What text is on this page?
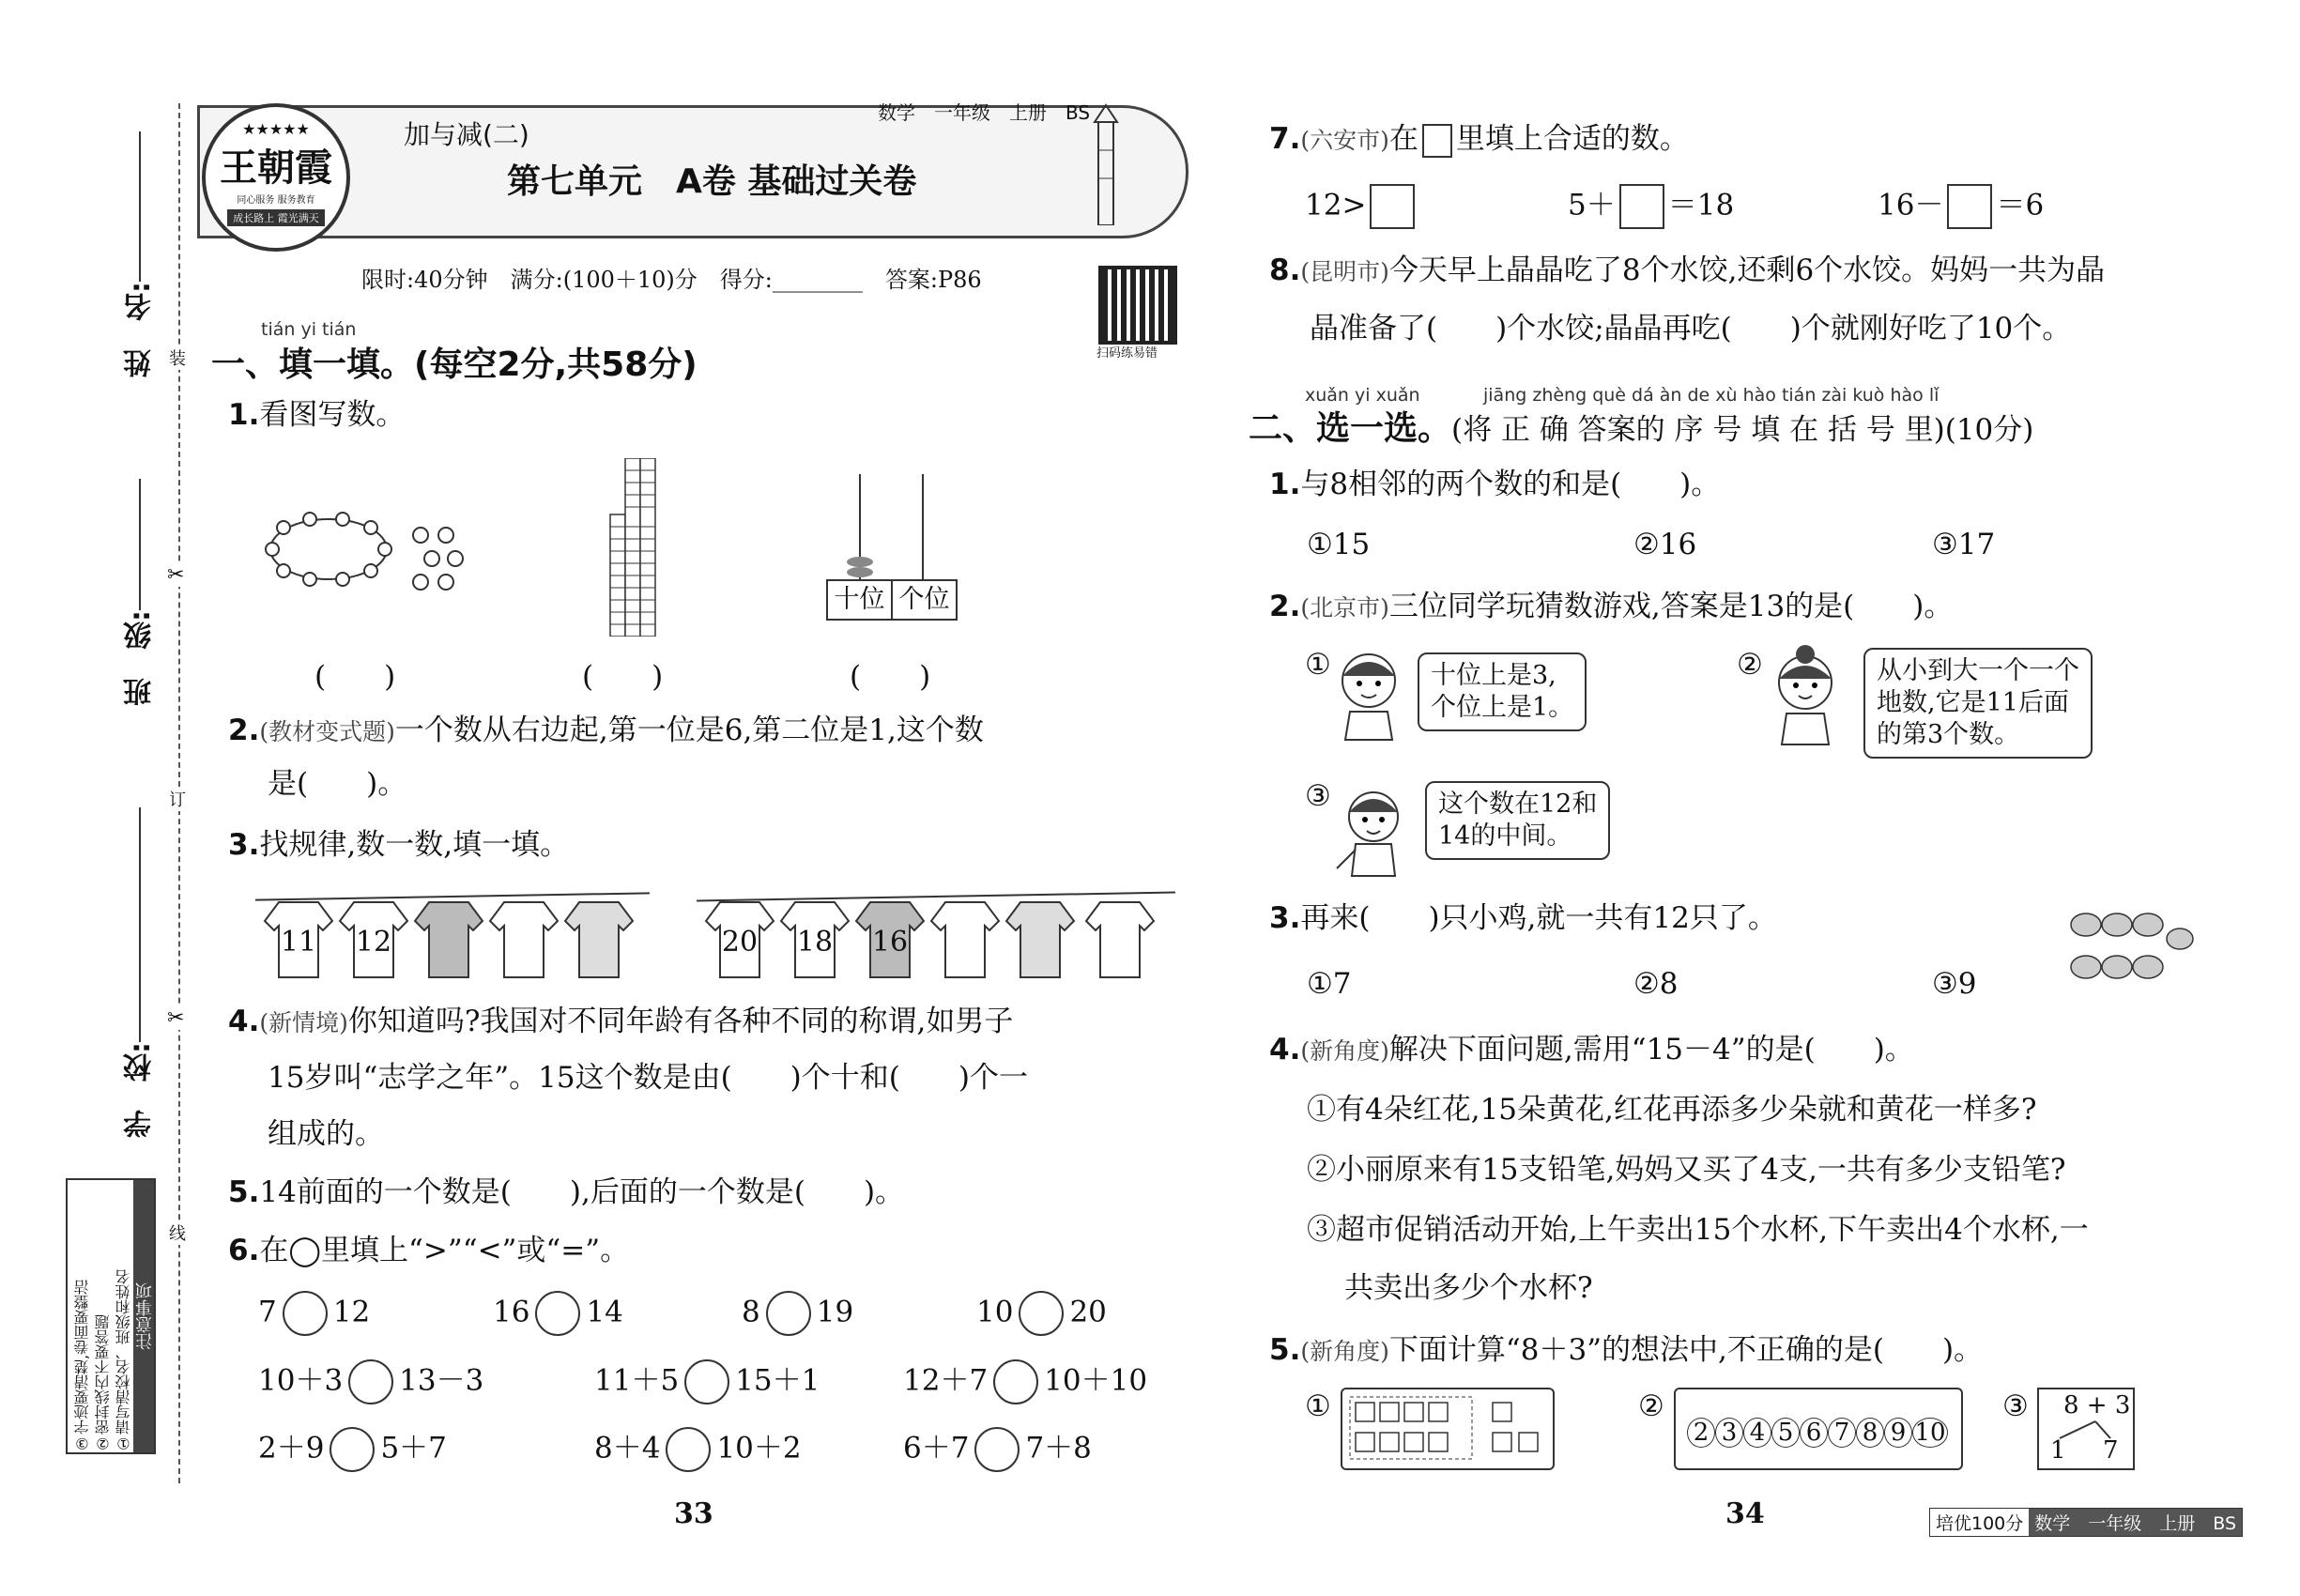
姓　名:
班　级:
学　校:
装
订
线
✂
✂
注意事项
①请写清校名、班级和姓名
②密封线内不要答题
③字迹要清楚,卷面要整洁
★★★★★
王朝霞
同心服务 服务教育
成长路上 霞光满天
加与减(二)
数学　一年级　上册　BS
第七单元　A卷 基础过关卷
限时:40分钟　满分:(100＋10)分　得分:________　答案:P86
扫码练易错
tián yi tián
一、填一填。(每空2分,共58分)
1.看图写数。
十位 个位
(　　)	(　　)	(　　)
2.(教材变式题)一个数从右边起,第一位是6,第二位是1,这个数
是(　　)。
3.找规律,数一数,填一填。
11	12	20	18	16
4.(新情境)你知道吗?我国对不同年龄有各种不同的称谓,如男子
15岁叫“志学之年”。15这个数是由(　　)个十和(　　)个一
组成的。
5.14前面的一个数是(　　),后面的一个数是(　　)。
6.在◯里填上“>”“<”或“=”。
7 12	16 14	8 19	10 20
10＋3 13－3	11＋5 15＋1	12＋7 10＋10
2＋9 5＋7	8＋4 10＋2	6＋7 7＋8
7.(六安市)在 里填上合适的数。
12>	5＋ ＝18	16－ ＝6
8.(昆明市)今天早上晶晶吃了8个水饺,还剩6个水饺。妈妈一共为晶
晶准备了(　　)个水饺;晶晶再吃(　　)个就刚好吃了10个。
xuǎn yi xuǎn	jiāng zhèng què dá àn de xù hào tián zài kuò hào lǐ
二、选一选。(将 正 确 答案的 序 号 填 在 括 号 里)(10分)
1.与8相邻的两个数的和是(　　)。
①15	②16	③17
2.(北京市)三位同学玩猜数游戏,答案是13的是(　　)。
①	十位上是3,
个位上是1。
②	从小到大一个一个
地数,它是11后面
的第3个数。
③	这个数在12和
14的中间。
3.再来(　　)只小鸡,就一共有12只了。
①7	②8	③9
4.(新角度)解决下面问题,需用“15－4”的是(　　)。
①有4朵红花,15朵黄花,红花再添多少朵就和黄花一样多?
②小丽原来有15支铅笔,妈妈又买了4支,一共有多少支铅笔?
③超市促销活动开始,上午卖出15个水杯,下午卖出4个水杯,一
共卖出多少个水杯?
5.(新角度)下面计算“8＋3”的想法中,不正确的是(　　)。
①	②
2 3 4 5 6 7 8 9 10
③ 8 + 3
1 7
33	34	培优100分 数学　一年级　上册　BS
